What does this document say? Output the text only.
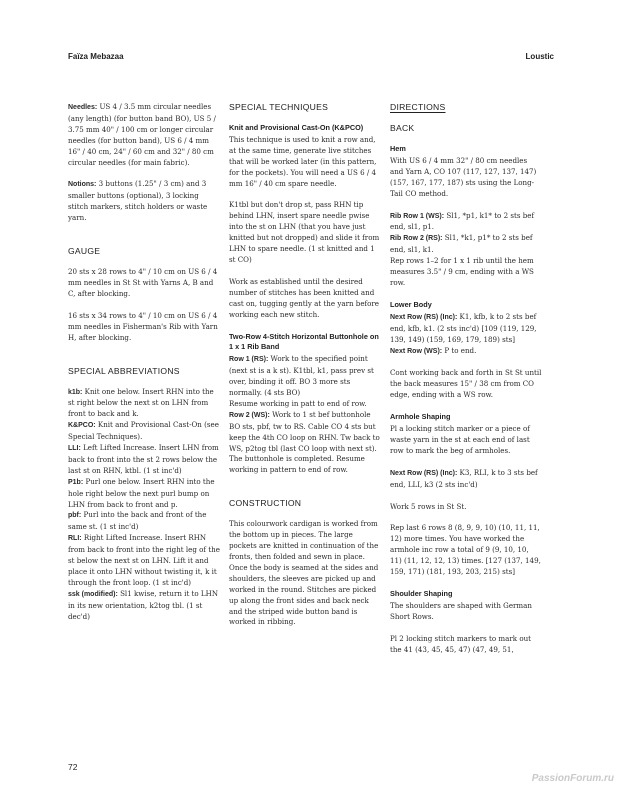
Faïza Mebazaa	Loustic

Needles: US 4 / 3.5 mm circular needles (any length) (for button band BO), US 5 / 3.75 mm 40" / 100 cm or longer circular needles (for button band), US 6 / 4 mm 16" / 40 cm, 24" / 60 cm and 32" / 80 cm circular needles (for main fabric).

Notions: 3 buttons (1.25" / 3 cm) and 3 smaller buttons (optional), 3 locking stitch markers, stitch holders or waste yarn.

GAUGE

20 sts x 28 rows to 4" / 10 cm on US 6 / 4 mm needles in St St with Yarns A, B and C, after blocking.

16 sts x 34 rows to 4" / 10 cm on US 6 / 4 mm needles in Fisherman's Rib with Yarn H, after blocking.

SPECIAL ABBREVIATIONS

k1b: Knit one below. Insert RHN into the st right below the next st on LHN from front to back and k.

K&PCO: Knit and Provisional Cast-On (see Special Techniques).

LLI: Left Lifted Increase. Insert LHN from back to front into the st 2 rows below the last st on RHN, ktbl. (1 st inc'd)

P1b: Purl one below. Insert RHN into the hole right below the next purl bump on LHN from back to front and p.

pbf: Purl into the back and front of the same st. (1 st inc'd)

RLI: Right Lifted Increase. Insert RHN from back to front into the right leg of the st below the next st on LHN. Lift it and place it onto LHN without twisting it, k it through the front loop. (1 st inc'd)

ssk (modified): Sl1 kwise, return it to LHN in its new orientation, k2tog tbl. (1 st dec'd)

SPECIAL TECHNIQUES
Knit and Provisional Cast-On (K&PCO)

This technique is used to knit a row and, at the same time, generate live stitches that will be worked later (in this pattern, for the pockets). You will need a US 6 / 4 mm 16" / 40 cm spare needle.

K1tbl but don't drop st, pass RHN tip behind LHN, insert spare needle pwise into the st on LHN (that you have just knitted but not dropped) and slide it from LHN to spare needle. (1 st knitted and 1 st CO)

Work as established until the desired number of stitches has been knitted and cast on, tugging gently at the yarn before working each new stitch.

Two-Row 4-Stitch Horizontal Buttonhole on 1 x 1 Rib Band

Row 1 (RS): Work to the specified point (next st is a k st). K1tbl, k1, pass prev st over, binding it off. BO 3 more sts normally. (4 sts BO)

Resume working in patt to end of row.

Row 2 (WS): Work to 1 st bef buttonhole BO sts, pbf, tw to RS. Cable CO 4 sts but keep the 4th CO loop on RHN. Tw back to WS, p2tog tbl (last CO loop with next st). The buttonhole is completed. Resume working in pattern to end of row.

CONSTRUCTION

This colourwork cardigan is worked from the bottom up in pieces. The large pockets are knitted in continuation of the fronts, then folded and sewn in place. Once the body is seamed at the sides and shoulders, the sleeves are picked up and worked in the round. Stitches are picked up along the front sides and back neck and the striped wide button band is worked in ribbing.

DIRECTIONS
BACK
Hem

With US 6 / 4 mm 32" / 80 cm needles and Yarn A, CO 107 (117, 127, 137, 147) (157, 167, 177, 187) sts using the Long-Tail CO method.

Rib Row 1 (WS): Sl1, *p1, k1* to 2 sts bef end, sl1, p1.

Rib Row 2 (RS): Sl1, *k1, p1* to 2 sts bef end, sl1, k1.

Rep rows 1–2 for 1 x 1 rib until the hem measures 3.5" / 9 cm, ending with a WS row.

Lower Body

Next Row (RS) (Inc): K1, kfb, k to 2 sts bef end, kfb, k1. (2 sts inc'd) [109 (119, 129, 139, 149) (159, 169, 179, 189) sts]

Next Row (WS): P to end.

Cont working back and forth in St St until the back measures 15" / 38 cm from CO edge, ending with a WS row.

Armhole Shaping

Pl a locking stitch marker or a piece of waste yarn in the st at each end of last row to mark the beg of armholes.

Next Row (RS) (Inc): K3, RLI, k to 3 sts bef end, LLI, k3 (2 sts inc'd)

Work 5 rows in St St.

Rep last 6 rows 8 (8, 9, 9, 10) (10, 11, 11, 12) more times. You have worked the armhole inc row a total of 9 (9, 10, 10, 11) (11, 12, 12, 13) times. [127 (137, 149, 159, 171) (181, 193, 203, 215) sts]

Shoulder Shaping

The shoulders are shaped with German Short Rows.

Pl 2 locking stitch markers to mark out the 41 (43, 45, 45, 47) (47, 49, 51,

72
PassionForum.ru
